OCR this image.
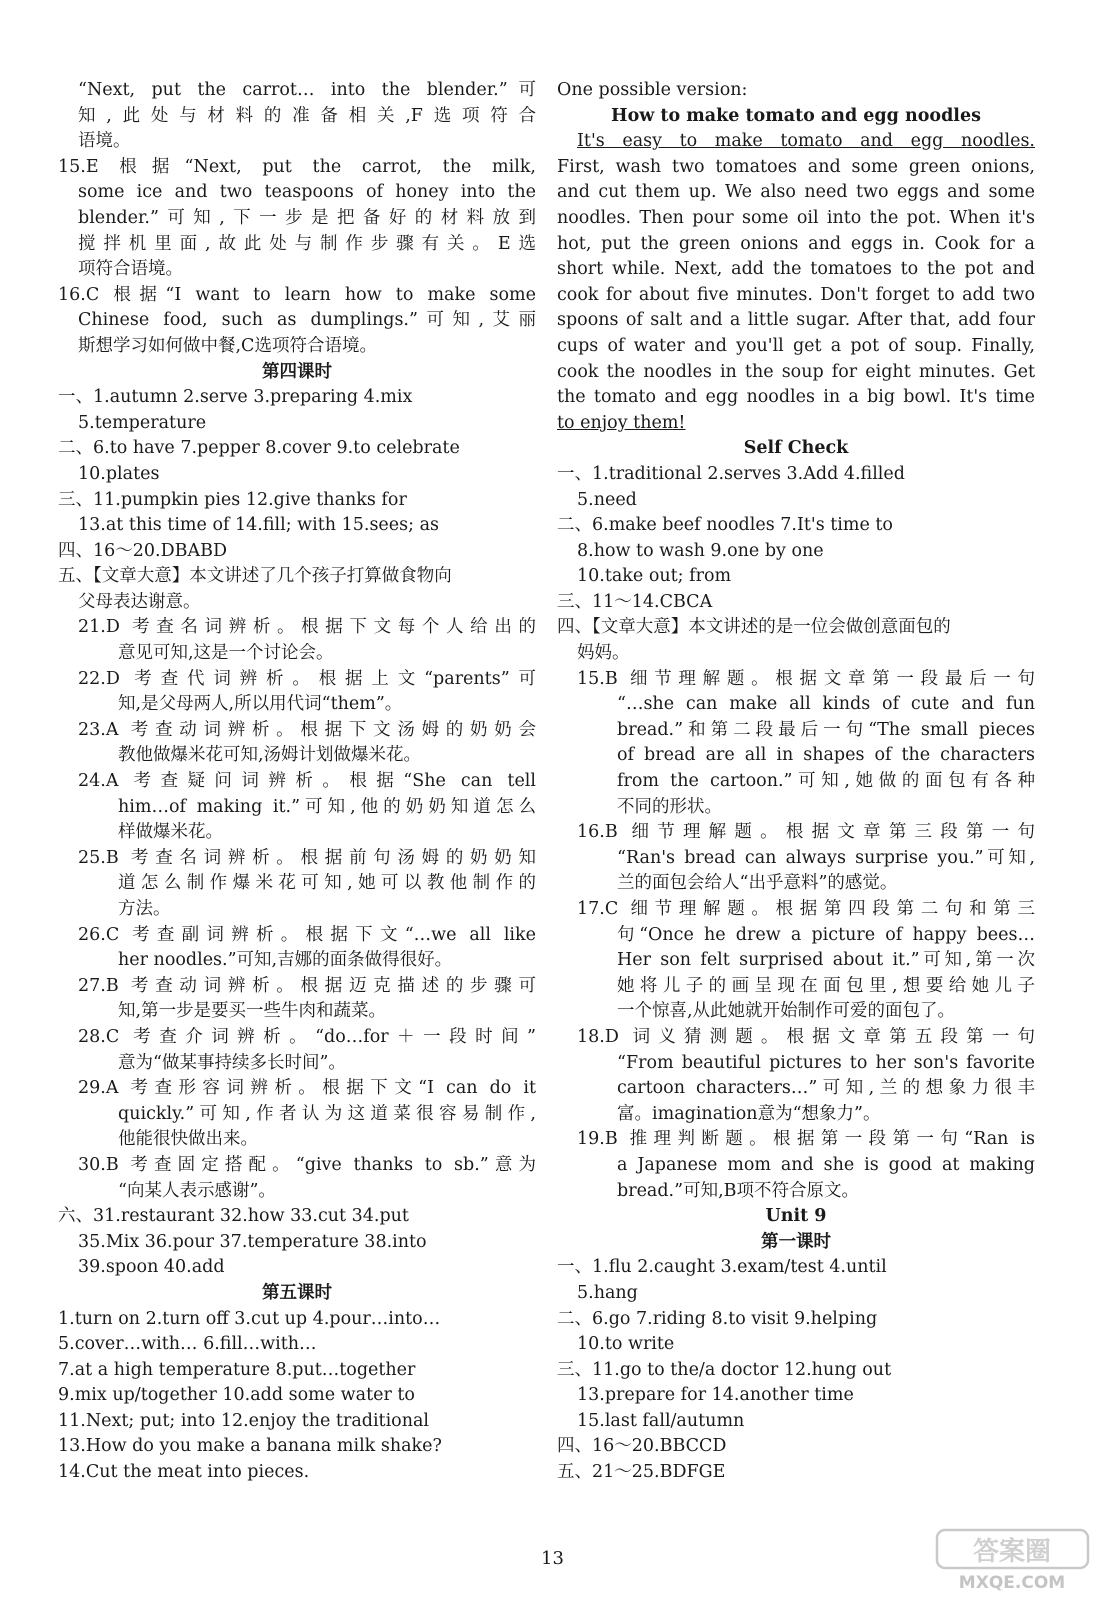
“Next, put the carrot… into the blender.”可
知,此处与材料的准备相关,F选项符合
语境。
15.E 根据“Next, put the carrot, the milk,
some ice and two teaspoons of honey into the
blender.”可知,下一步是把备好的材料放到
搅拌机里面,故此处与制作步骤有关。E选
项符合语境。
16.C 根据“I want to learn how to make some
Chinese food, such as dumplings.”可知,艾丽
斯想学习如何做中餐,C选项符合语境。
第四课时
一、1.autumn 2.serve 3.preparing 4.mix
5.temperature
二、6.to have 7.pepper 8.cover 9.to celebrate
10.plates
三、11.pumpkin pies 12.give thanks for
13.at this time of 14.fill; with 15.sees; as
四、16～20.DBABD
五、【文章大意】本文讲述了几个孩子打算做食物向
父母表达谢意。
21.D 考查名词辨析。根据下文每个人给出的
意见可知,这是一个讨论会。
22.D 考查代词辨析。根据上文“parents”可
知,是父母两人,所以用代词“them”。
23.A 考查动词辨析。根据下文汤姆的奶奶会
教他做爆米花可知,汤姆计划做爆米花。
24.A 考查疑问词辨析。根据“She can tell
him…of making it.”可知,他的奶奶知道怎么
样做爆米花。
25.B 考查名词辨析。根据前句汤姆的奶奶知
道怎么制作爆米花可知,她可以教他制作的
方法。
26.C 考查副词辨析。根据下文“…we all like
her noodles.”可知,吉娜的面条做得很好。
27.B 考查动词辨析。根据迈克描述的步骤可
知,第一步是要买一些牛肉和蔬菜。
28.C 考查介词辨析。“do…for＋一段时间”
意为“做某事持续多长时间”。
29.A 考查形容词辨析。根据下文“I can do it
quickly.”可知,作者认为这道菜很容易制作,
他能很快做出来。
30.B 考查固定搭配。“give thanks to sb.”意为
“向某人表示感谢”。
六、31.restaurant 32.how 33.cut 34.put
35.Mix 36.pour 37.temperature 38.into
39.spoon 40.add
第五课时
1.turn on 2.turn off 3.cut up 4.pour…into…
5.cover…with… 6.fill…with…
7.at a high temperature 8.put…together
9.mix up/together 10.add some water to
11.Next; put; into 12.enjoy the traditional
13.How do you make a banana milk shake?
14.Cut the meat into pieces.
One possible version:
How to make tomato and egg noodles
It's easy to make tomato and egg noodles.
First, wash two tomatoes and some green onions,
and cut them up. We also need two eggs and some
noodles. Then pour some oil into the pot. When it's
hot, put the green onions and eggs in. Cook for a
short while. Next, add the tomatoes to the pot and
cook for about five minutes. Don't forget to add two
spoons of salt and a little sugar. After that, add four
cups of water and you'll get a pot of soup. Finally,
cook the noodles in the soup for eight minutes. Get
the tomato and egg noodles in a big bowl. It's time
to enjoy them!
Self Check
一、1.traditional 2.serves 3.Add 4.filled
5.need
二、6.make beef noodles 7.It's time to
8.how to wash 9.one by one
10.take out; from
三、11～14.CBCA
四、【文章大意】本文讲述的是一位会做创意面包的
妈妈。
15.B 细节理解题。根据文章第一段最后一句
“…she can make all kinds of cute and fun
bread.”和第二段最后一句“The small pieces
of bread are all in shapes of the characters
from the cartoon.”可知,她做的面包有各种
不同的形状。
16.B 细节理解题。根据文章第三段第一句
“Ran's bread can always surprise you.”可知,
兰的面包会给人“出乎意料”的感觉。
17.C 细节理解题。根据第四段第二句和第三
句“Once he drew a picture of happy bees…
Her son felt surprised about it.”可知,第一次
她将儿子的画呈现在面包里,想要给她儿子
一个惊喜,从此她就开始制作可爱的面包了。
18.D 词义猜测题。根据文章第五段第一句
“From beautiful pictures to her son's favorite
cartoon characters…”可知,兰的想象力很丰
富。imagination意为“想象力”。
19.B 推理判断题。根据第一段第一句“Ran is
a Japanese mom and she is good at making
bread.”可知,B项不符合原文。
Unit 9
第一课时
一、1.flu 2.caught 3.exam/test 4.until
5.hang
二、6.go 7.riding 8.to visit 9.helping
10.to write
三、11.go to the/a doctor 12.hung out
13.prepare for 14.another time
15.last fall/autumn
四、16～20.BBCCD
五、21～25.BDFGE
13	答案圈
MXQE.COM
